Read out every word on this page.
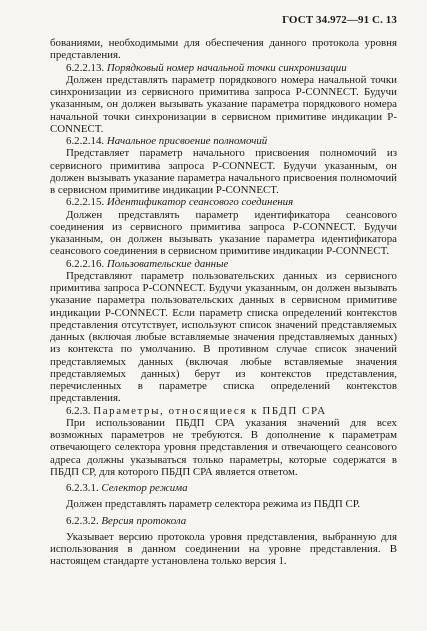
ГОСТ 34.972—91 С. 13

бованиями, необходимыми для обеспечения данного протокола уровня представления.

6.2.2.13. Порядковый номер начальной точки синхронизации

Должен представлять параметр порядкового номера начальной точки синхронизации из сервисного примитива запроса P-CONNECT. Будучи указанным, он должен вызывать указание параметра порядкового номера начальной точки синхронизации в сервисном примитиве индикации P-CONNECT.

6.2.2.14. Начальное присвоение полномочий

Представляет параметр начального присвоения полномочий из сервисного примитива запроса P-CONNECT. Будучи указанным, он должен вызывать указание параметра начального присвоения полномочий в сервисном примитиве индикации P-CONNECT.

6.2.2.15. Идентификатор сеансового соединения

Должен представлять параметр идентификатора сеансового соединения из сервисного примитива запроса P-CONNECT. Будучи указанным, он должен вызывать указание параметра идентификатора сеансового соединения в сервисном примитиве индикации P-CONNECT.

6.2.2.16. Пользовательские данные

Представляют параметр пользовательских данных из сервисного примитива запроса P-CONNECT. Будучи указанным, он должен вызывать указание параметра пользовательских данных в сервисном примитиве индикации P-CONNECT. Если параметр списка определений контекстов представления отсутствует, используют список значений представляемых данных (включая любые вставляемые значения представляемых данных) из контекста по умолчанию. В противном случае список значений представляемых данных (включая любые вставляемые значения представляемых данных) берут из контекстов представления, перечисленных в параметре списка определений контекстов представления.

6.2.3. Параметры, относящиеся к ПБДП СРА

При использовании ПБДП СРА указания значений для всех возможных параметров не требуются. В дополнение к параметрам отвечающего селектора уровня представления и отвечающего сеансового адреса должны указываться только параметры, которые содержатся в ПБДП СР, для которого ПБДП СРА является ответом.

6.2.3.1. Селектор режима

Должен представлять параметр селектора режима из ПБДП СР.

6.2.3.2. Версия протокола

Указывает версию протокола уровня представления, выбранную для использования в данном соединении на уровне представления. В настоящем стандарте установлена только версия 1.
